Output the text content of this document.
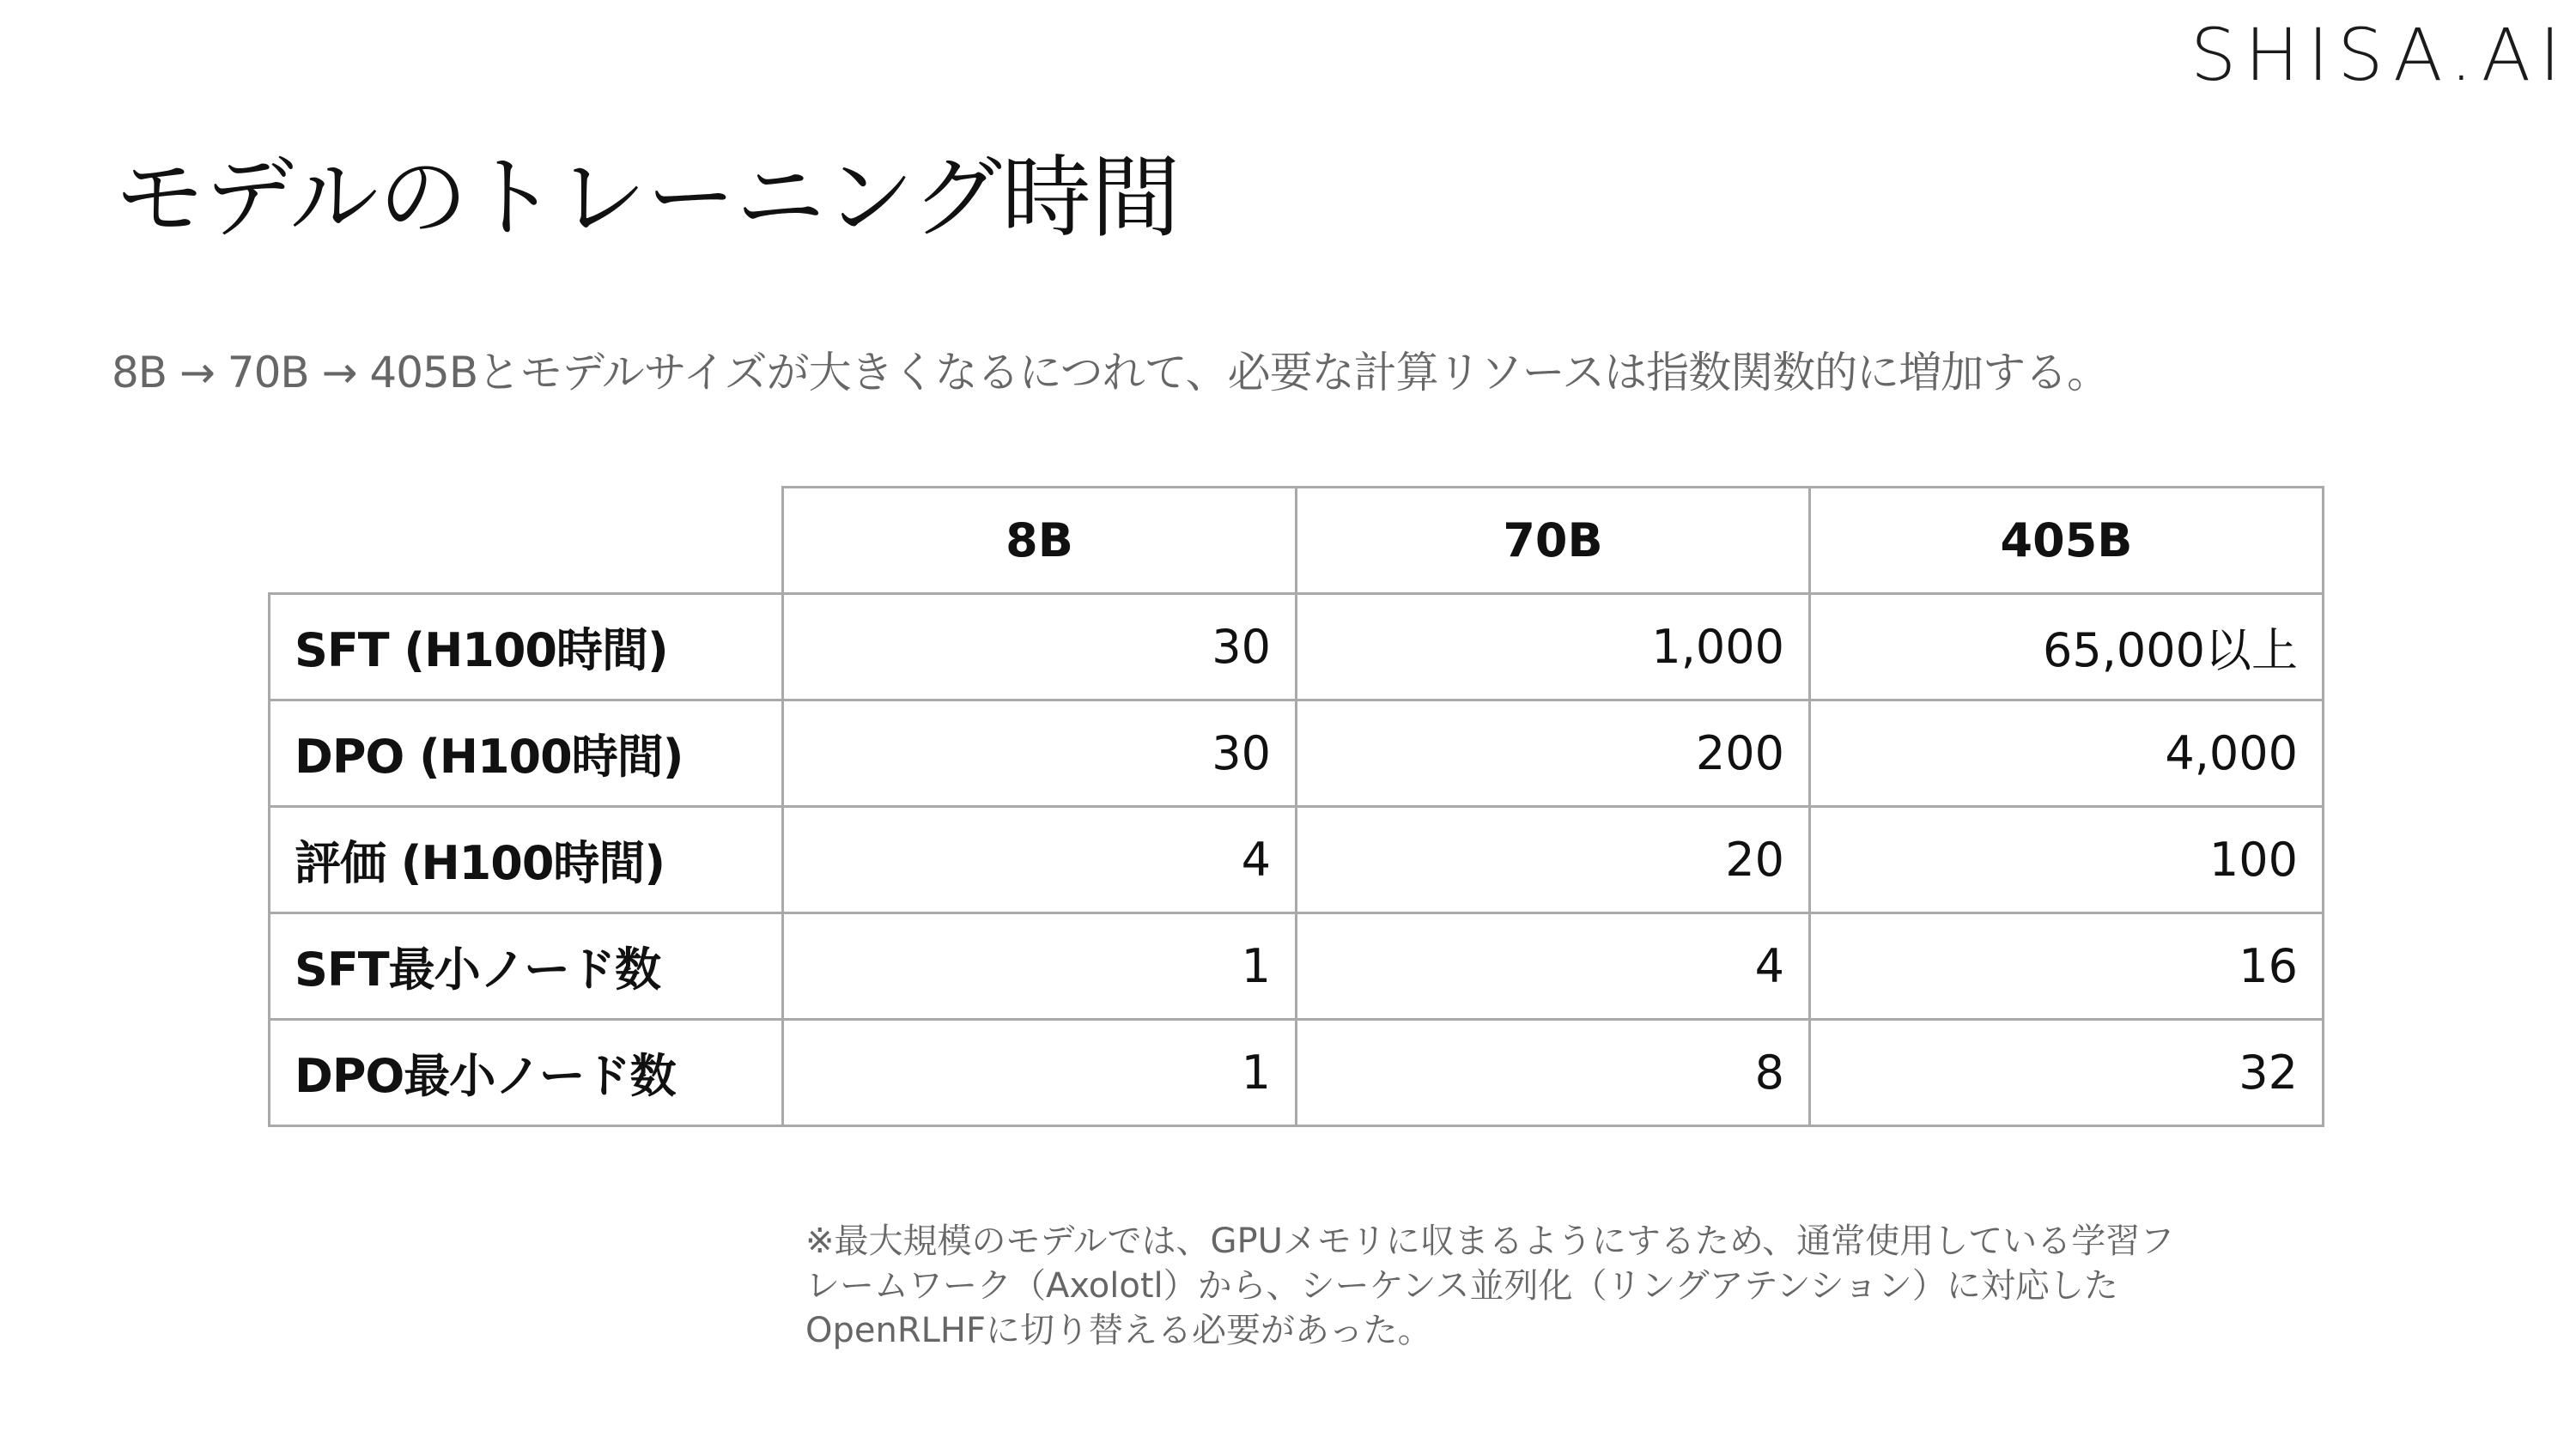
SHISA.AI
モデルのトレーニング時間
8B → 70B → 405Bとモデルサイズが大きくなるにつれて、必要な計算リソースは指数関数的に増加する。
	8B	70B	405B
SFT (H100時間)	30	1,000	65,000以上
DPO (H100時間)	30	200	4,000
評価 (H100時間)	4	20	100
SFT最小ノード数	1	4	16
DPO最小ノード数	1	8	32
※最大規模のモデルでは、GPUメモリに収まるようにするため、通常使用している学習フ
レームワーク（Axolotl）から、シーケンス並列化（リングアテンション）に対応した
OpenRLHFに切り替える必要があった。
